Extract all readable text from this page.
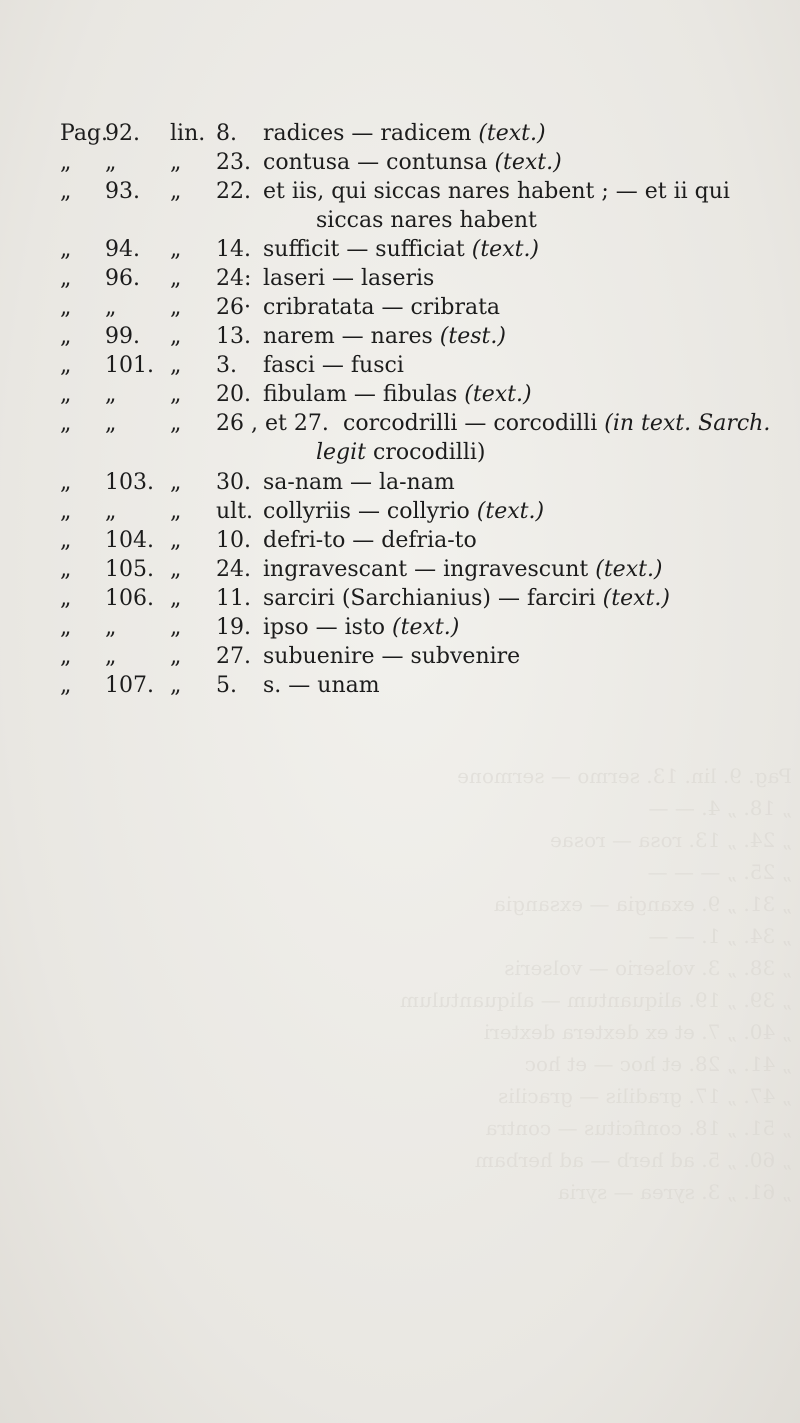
Pag. 9. lin. 13. sermo — sermone
„ 18. „ 4. — —
„ 24. „ 13. rosa — rosae
„ 25. „ — — —
„ 31. „ 9. exangia — exsangia
„ 34. „ 1. — —
„ 38. „ 3. volserio — volseris
„ 39. „ 19. aliquantum — aliquantulum
„ 40. „ 7. et ex dextera dexteri
„ 41. „ 28. et hoc — et hoc
„ 47. „ 17. gradilis — gracilis
„ 51. „ 18. conficitus — contra
„ 60. „ 5. ad herb — ad herbam
„ 61. „ 3. syrea — syria
Pag.
92. lin. 8. radices — radicem (text.)
„ „ „ 23. contusa — contunsa (text.)
„ 93. „ 22. et iis, qui siccas nares habent ; — et ii qui
siccas nares habent
„ 94. „ 14. sufficit — sufficiat (text.)
„ 96. „ 24: laseri — laseris
„ „ „ 26· cribratata — cribrata
„ 99. „ 13. narem — nares (test.)
„ 101. „ 3. fasci — fusci
„ „ „ 20. fibulam — fibulas (text.)
„ „ „ 26 , et 27. corcodrilli — corcodilli (in text. Sarch.
legit crocodilli)
„ 103. „ 30. sa-nam — la-nam
„ „ „ ult. collyriis — collyrio (text.)
„ 104. „ 10. defri-to — defria-to
„ 105. „ 24. ingravescant — ingravescunt (text.)
„ 106. „ 11. sarciri (Sarchianius) — farciri (text.)
„ „ „ 19. ipso — isto (text.)
„ „ „ 27. subuenire — subvenire
„ 107. „ 5. s. — unam
